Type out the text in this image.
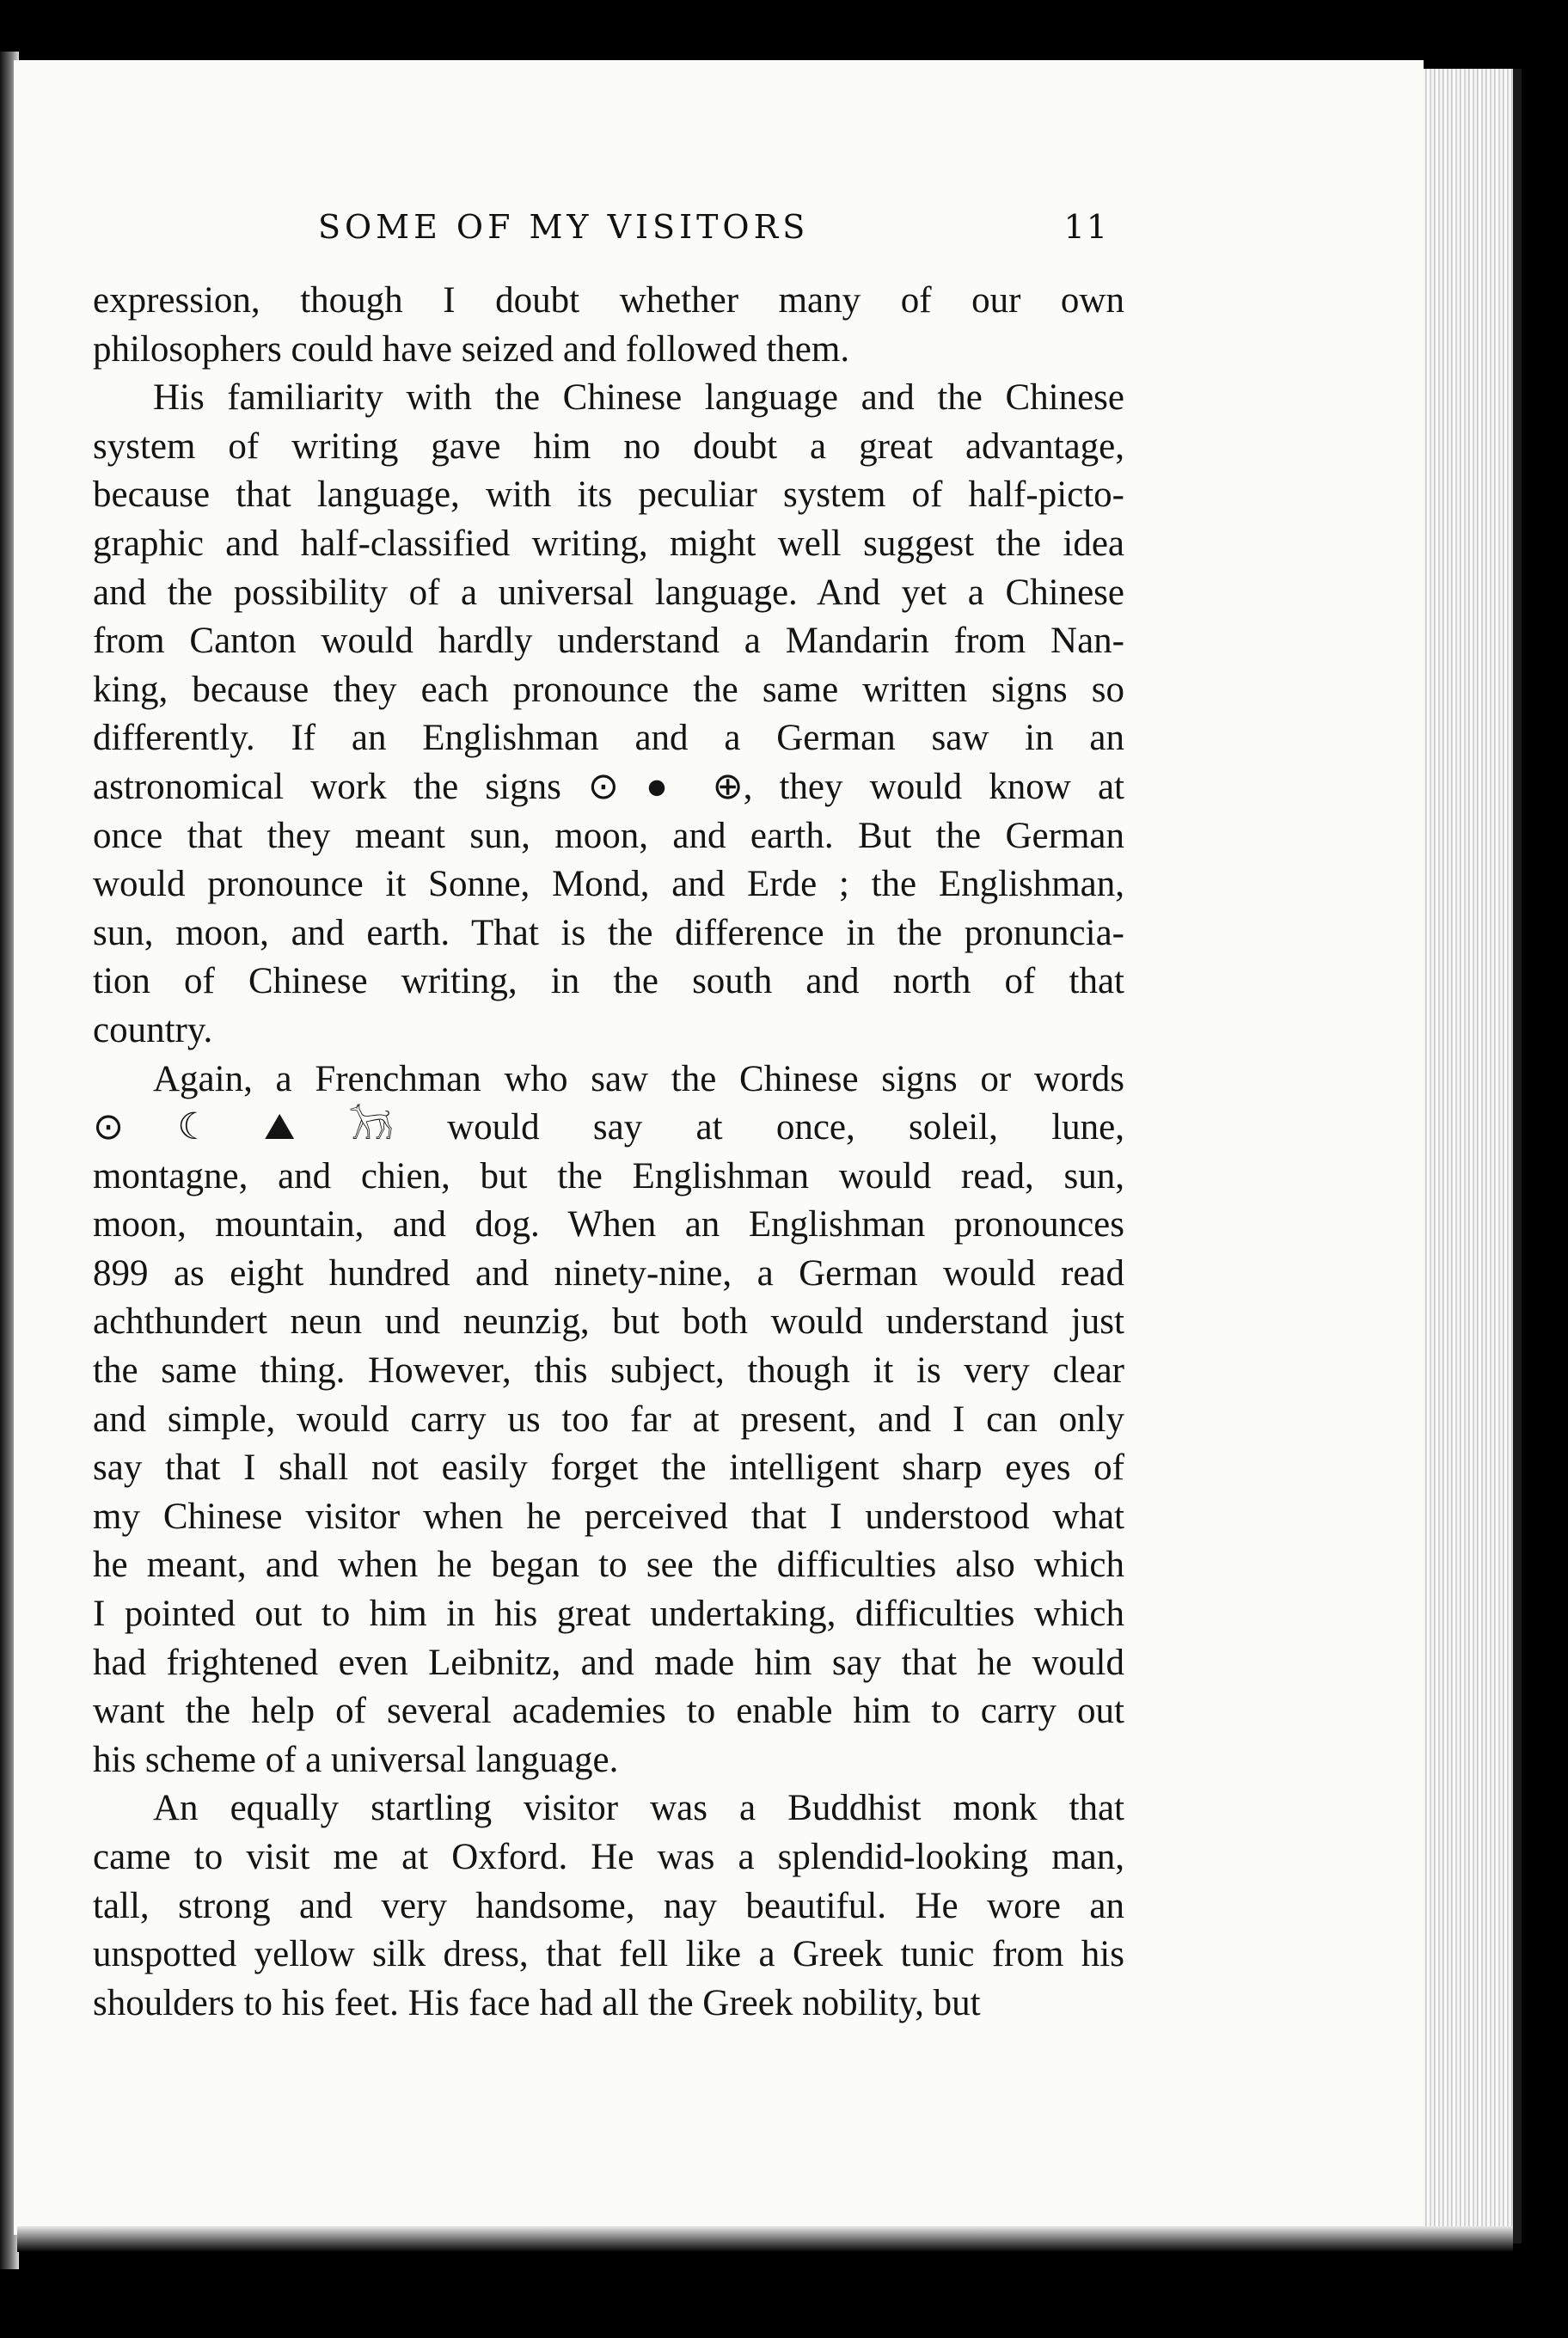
SOME OF MY VISITORS	11
expression, though I doubt whether many of our own
philosophers could have seized and followed them.
His familiarity with the Chinese language and the Chinese
system of writing gave him no doubt a great advantage,
because that language, with its peculiar system of half-picto-
graphic and half-classified writing, might well suggest the idea
and the possibility of a universal language. And yet a Chinese
from Canton would hardly understand a Mandarin from Nan-
king, because they each pronounce the same written signs so
differently. If an Englishman and a German saw in an
astronomical work the signs ⊙ ● ⊕, they would know at
once that they meant sun, moon, and earth. But the German
would pronounce it Sonne, Mond, and Erde ; the Englishman,
sun, moon, and earth. That is the difference in the pronuncia-
tion of Chinese writing, in the south and north of that
country.
Again, a Frenchman who saw the Chinese signs or words
⊙ ☾ ⛰ 𓃡 would say at once, soleil, lune,
montagne, and chien, but the Englishman would read, sun,
moon, mountain, and dog. When an Englishman pronounces
899 as eight hundred and ninety-nine, a German would read
achthundert neun und neunzig, but both would understand just
the same thing. However, this subject, though it is very clear
and simple, would carry us too far at present, and I can only
say that I shall not easily forget the intelligent sharp eyes of
my Chinese visitor when he perceived that I understood what
he meant, and when he began to see the difficulties also which
I pointed out to him in his great undertaking, difficulties which
had frightened even Leibnitz, and made him say that he would
want the help of several academies to enable him to carry out
his scheme of a universal language.
An equally startling visitor was a Buddhist monk that
came to visit me at Oxford. He was a splendid-looking man,
tall, strong and very handsome, nay beautiful. He wore an
unspotted yellow silk dress, that fell like a Greek tunic from his
shoulders to his feet. His face had all the Greek nobility, but
